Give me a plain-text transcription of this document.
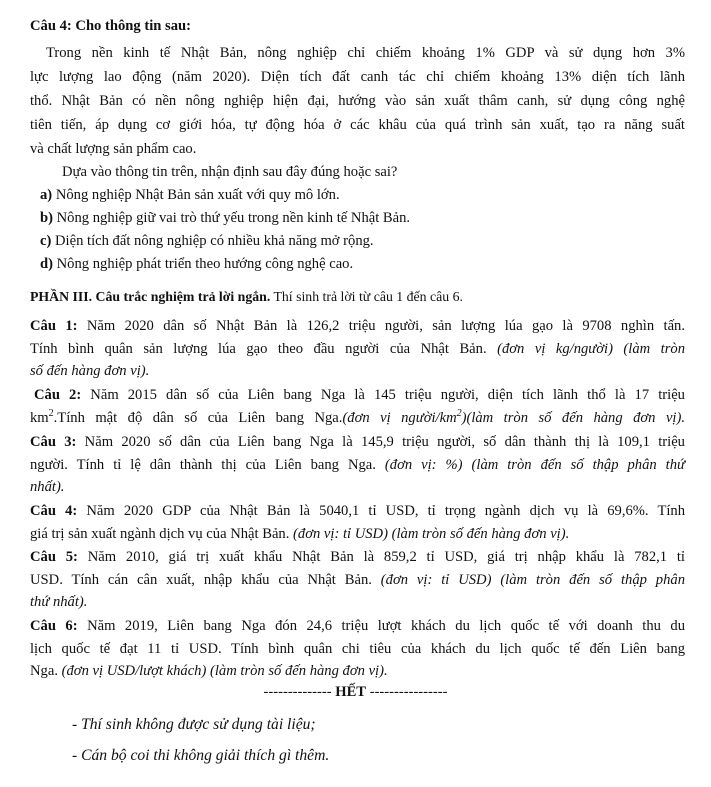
Câu 4: Cho thông tin sau:
Trong nền kinh tế Nhật Bản, nông nghiệp chỉ chiếm khoảng 1% GDP và sử dụng hơn 3%
lực lượng lao động (năm 2020). Diện tích đất canh tác chỉ chiếm khoảng 13% diện tích lãnh
thổ. Nhật Bản có nền nông nghiệp hiện đại, hướng vào sản xuất thâm canh, sử dụng công nghệ
tiên tiến, áp dụng cơ giới hóa, tự động hóa ở các khâu của quá trình sản xuất, tạo ra năng suất
và chất lượng sản phẩm cao.
Dựa vào thông tin trên, nhận định sau đây đúng hoặc sai?
a) Nông nghiệp Nhật Bản sản xuất với quy mô lớn.
b) Nông nghiệp giữ vai trò thứ yếu trong nền kinh tế Nhật Bản.
c) Diện tích đất nông nghiệp có nhiều khả năng mở rộng.
d) Nông nghiệp phát triển theo hướng công nghệ cao.
PHẦN III. Câu trắc nghiệm trả lời ngắn. Thí sinh trả lời từ câu 1 đến câu 6.
Câu 1: Năm 2020 dân số Nhật Bản là 126,2 triệu người, sản lượng lúa gạo là 9708 nghìn tấn.
Tính bình quân sản lượng lúa gạo theo đầu người của Nhật Bản. (đơn vị kg/người) (làm tròn
số đến hàng đơn vị).
Câu 2: Năm 2015 dân số của Liên bang Nga là 145 triệu người, diện tích lãnh thổ là 17 triệu
$km^2.Tính$ mật độ dân số của Liên bang Nga.(đơn vị người/$km^2)(làm$ tròn số đến hàng đơn vị).
Câu 3: Năm 2020 số dân của Liên bang Nga là 145,9 triệu người, số dân thành thị là 109,1 triệu
người. Tính tỉ lệ dân thành thị của Liên bang Nga. (đơn vị: %) (làm tròn đến số thập phân thứ
nhất).
Câu 4: Năm 2020 GDP của Nhật Bản là 5040,1 tỉ USD, tỉ trọng ngành dịch vụ là 69,6%. Tính
giá trị sản xuất ngành dịch vụ của Nhật Bản. (đơn vị: tỉ USD) (làm tròn số đến hàng đơn vị).
Câu 5: Năm 2010, giá trị xuất khẩu Nhật Bản là 859,2 tỉ USD, giá trị nhập khẩu là 782,1 tỉ
USD. Tính cán cân xuất, nhập khẩu của Nhật Bản. (đơn vị: tỉ USD) (làm tròn đến số thập phân
thứ nhất).
Câu 6: Năm 2019, Liên bang Nga đón 24,6 triệu lượt khách du lịch quốc tế với doanh thu du
lịch quốc tế đạt 11 tỉ USD. Tính bình quân chi tiêu của khách du lịch quốc tế đến Liên bang
Nga. (đơn vị USD/lượt khách) (làm tròn số đến hàng đơn vị).
-------------- HẾT ----------------
- Thí sinh không được sử dụng tài liệu;
- Cán bộ coi thi không giải thích gì thêm.
